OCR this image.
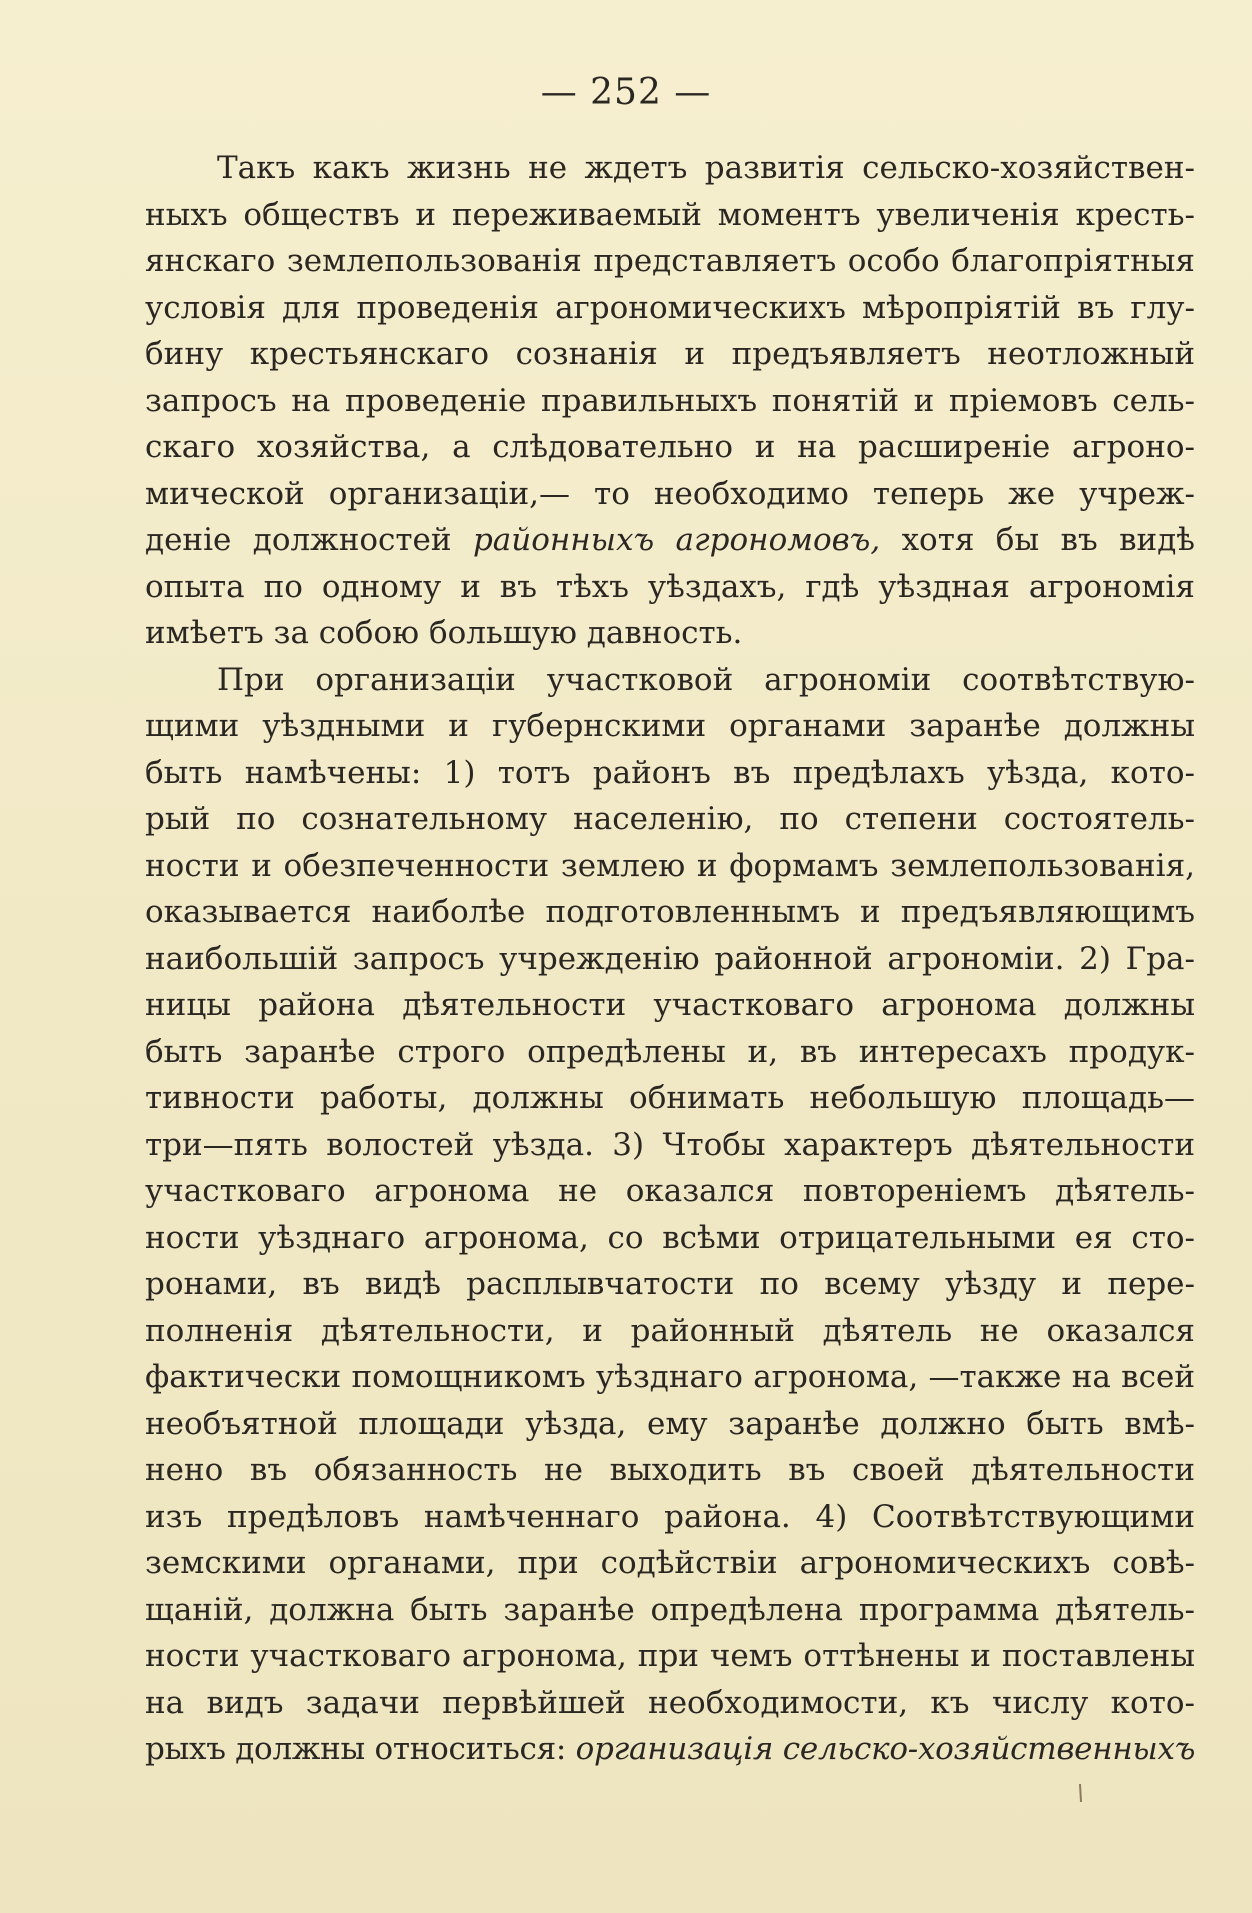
— 252 —
Такъ какъ жизнь не ждетъ развитія сельско-хозяйствен-
ныхъ обществъ и переживаемый моментъ увеличенія кресть-
янскаго землепользованія представляетъ особо благопріятныя
условія для проведенія агрономическихъ мѣропріятій въ глу-
бину крестьянскаго сознанія и предъявляетъ неотложный
запросъ на проведеніе правильныхъ понятій и пріемовъ сель-
скаго хозяйства, а слѣдовательно и на расширеніе агроно-
мической организаціи,— то необходимо теперь же учреж-
деніе должностей районныхъ агрономовъ, хотя бы въ видѣ
опыта по одному и въ тѣхъ уѣздахъ, гдѣ уѣздная агрономія
имѣетъ за собою большую давность.
При организаціи участковой агрономіи соотвѣтствую-
щими уѣздными и губернскими органами заранѣе должны
быть намѣчены: 1) тотъ районъ въ предѣлахъ уѣзда, кото-
рый по сознательному населенію, по степени состоятель-
ности и обезпеченности землею и формамъ землепользованія,
оказывается наиболѣе подготовленнымъ и предъявляющимъ
наибольшій запросъ учрежденію районной агрономіи. 2) Гра-
ницы района дѣятельности участковаго агронома должны
быть заранѣе строго опредѣлены и, въ интересахъ продук-
тивности работы, должны обнимать небольшую площадь—
три—пять волостей уѣзда. 3) Чтобы характеръ дѣятельности
участковаго агронома не оказался повтореніемъ дѣятель-
ности уѣзднаго агронома, со всѣми отрицательными ея сто-
ронами, въ видѣ расплывчатости по всему уѣзду и пере-
полненія дѣятельности, и районный дѣятель не оказался
фактически помощникомъ уѣзднаго агронома, —также на всей
необъятной площади уѣзда, ему заранѣе должно быть вмѣ-
нено въ обязанность не выходить въ своей дѣятельности
изъ предѣловъ намѣченнаго района. 4) Соотвѣтствующими
земскими органами, при содѣйствіи агрономическихъ совѣ-
щаній, должна быть заранѣе опредѣлена программа дѣятель-
ности участковаго агронома, при чемъ оттѣнены и поставлены
на видъ задачи первѣйшей необходимости, къ числу кото-
рыхъ должны относиться: организація сельско-хозяйственныхъ
